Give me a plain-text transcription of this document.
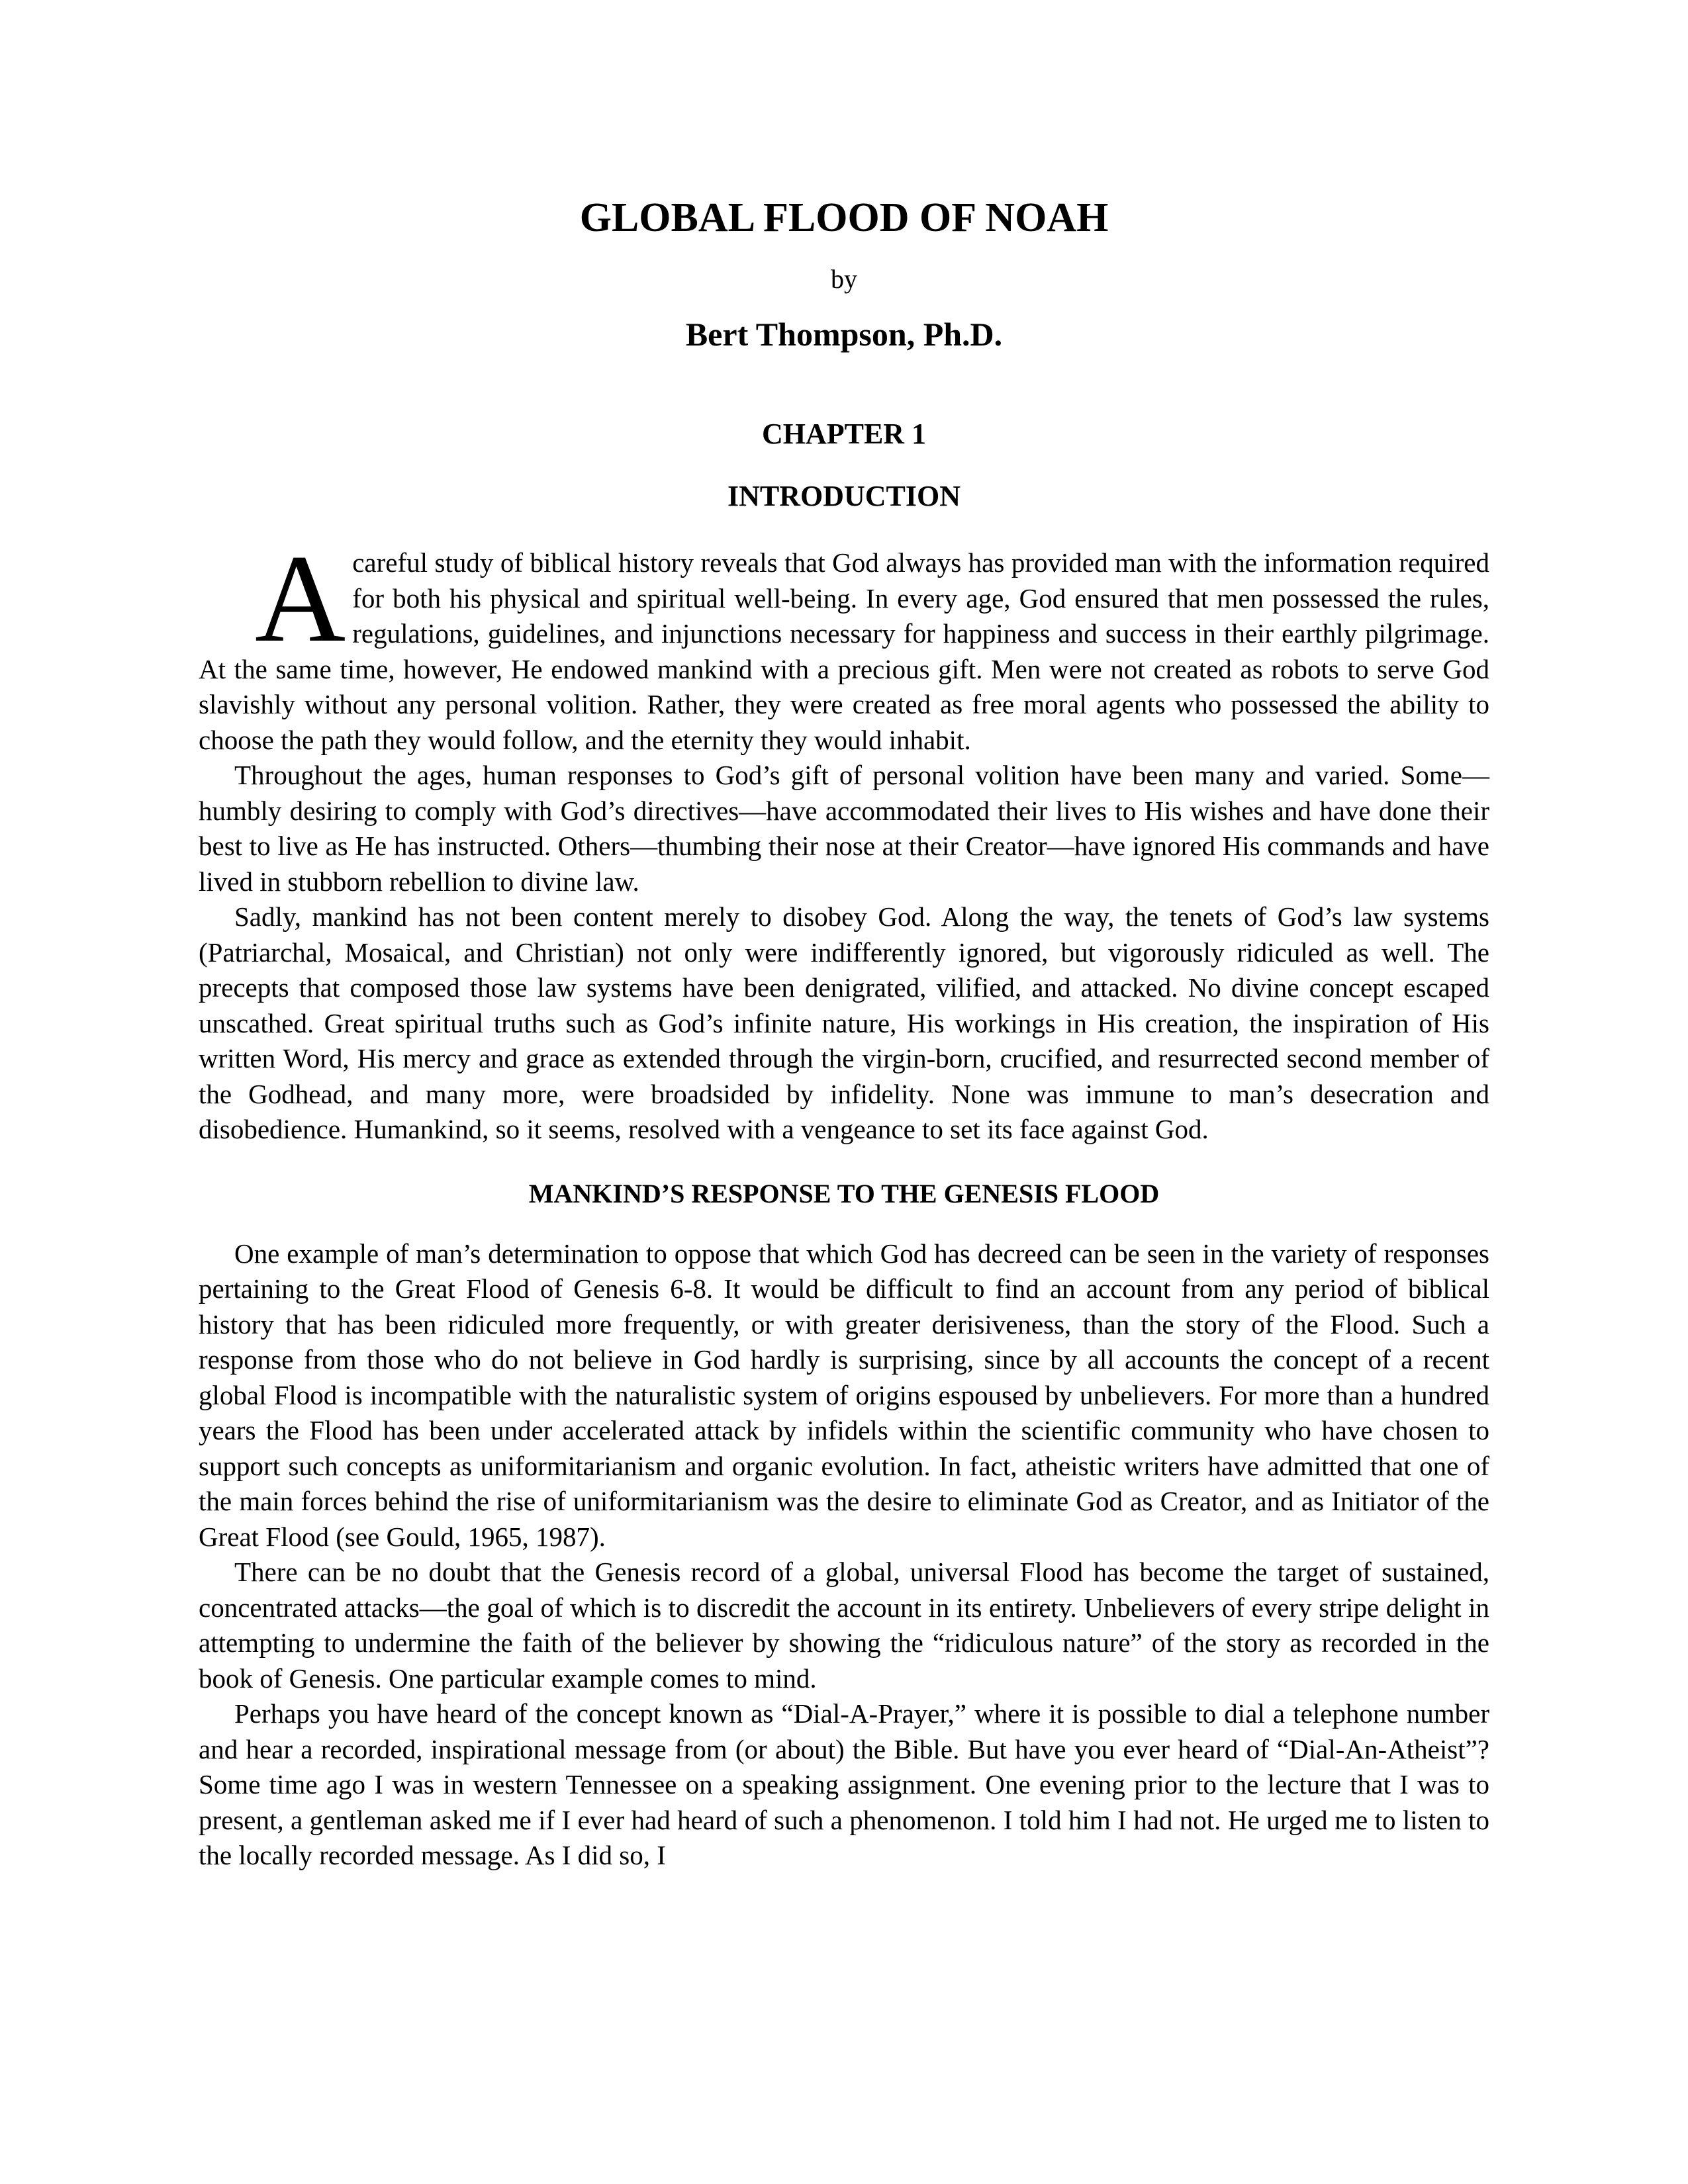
GLOBAL FLOOD OF NOAH
by
Bert Thompson, Ph.D.
CHAPTER 1
INTRODUCTION

A careful study of biblical history reveals that God always has provided man with the information required for both his physical and spiritual well-being. In every age, God ensured that men possessed the rules, regulations, guidelines, and injunctions necessary for happiness and success in their earthly pilgrimage. At the same time, however, He endowed mankind with a precious gift. Men were not created as robots to serve God slavishly without any personal volition. Rather, they were created as free moral agents who possessed the ability to choose the path they would follow, and the eternity they would inhabit.

Throughout the ages, human responses to God’s gift of personal volition have been many and varied. Some—humbly desiring to comply with God’s directives—have accommodated their lives to His wishes and have done their best to live as He has instructed. Others—thumbing their nose at their Creator—have ignored His commands and have lived in stubborn rebellion to divine law.

Sadly, mankind has not been content merely to disobey God. Along the way, the tenets of God’s law systems (Patriarchal, Mosaical, and Christian) not only were indifferently ignored, but vigorously ridiculed as well. The precepts that composed those law systems have been denigrated, vilified, and attacked. No divine concept escaped unscathed. Great spiritual truths such as God’s infinite nature, His workings in His creation, the inspiration of His written Word, His mercy and grace as extended through the virgin-born, crucified, and resurrected second member of the Godhead, and many more, were broadsided by infidelity. None was immune to man’s desecration and disobedience. Humankind, so it seems, resolved with a vengeance to set its face against God.

MANKIND’S RESPONSE TO THE GENESIS FLOOD

One example of man’s determination to oppose that which God has decreed can be seen in the variety of responses pertaining to the Great Flood of Genesis 6-8. It would be difficult to find an account from any period of biblical history that has been ridiculed more frequently, or with greater derisiveness, than the story of the Flood. Such a response from those who do not believe in God hardly is surprising, since by all accounts the concept of a recent global Flood is incompatible with the naturalistic system of origins espoused by unbelievers. For more than a hundred years the Flood has been under accelerated attack by infidels within the scientific community who have chosen to support such concepts as uniformitarianism and organic evolution. In fact, atheistic writers have admitted that one of the main forces behind the rise of uniformitarianism was the desire to eliminate God as Creator, and as Initiator of the Great Flood (see Gould, 1965, 1987).

There can be no doubt that the Genesis record of a global, universal Flood has become the target of sustained, concentrated attacks—the goal of which is to discredit the account in its entirety. Unbelievers of every stripe delight in attempting to undermine the faith of the believer by showing the “ridiculous nature” of the story as recorded in the book of Genesis. One particular example comes to mind.

Perhaps you have heard of the concept known as “Dial-A-Prayer,” where it is possible to dial a telephone number and hear a recorded, inspirational message from (or about) the Bible. But have you ever heard of “Dial-An-Atheist”? Some time ago I was in western Tennessee on a speaking assignment. One evening prior to the lecture that I was to present, a gentleman asked me if I ever had heard of such a phenomenon. I told him I had not. He urged me to listen to the locally recorded message. As I did so, I
